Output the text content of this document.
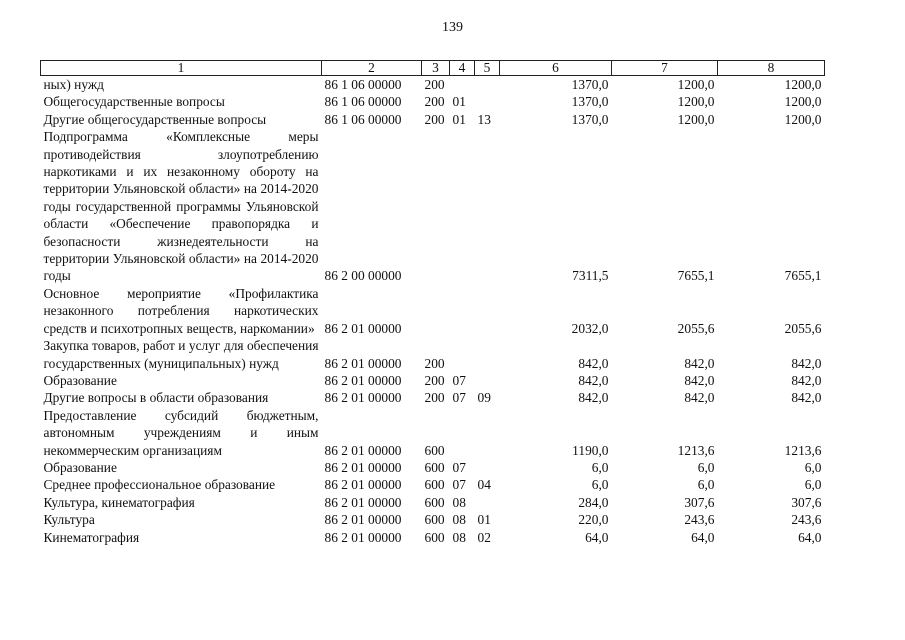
139
1	2	3	4	5	6	7	8
ных) нужд	86 1 06 00000	200			1370,0	1200,0	1200,0
Общегосударственные вопросы	86 1 06 00000	200	01		1370,0	1200,0	1200,0
Другие общегосударственные вопросы	86 1 06 00000	200	01	13	1370,0	1200,0	1200,0
Подпрограмма «Комплексные меры противодействия злоупотреблению наркотиками и их незаконному обороту на территории Ульяновской области» на 2014-2020 годы государственной программы Ульяновской области «Обеспечение правопорядка и безопасности жизнедеятельности на территории Ульяновской области» на 2014-2020 годы	86 2 00 00000				7311,5	7655,1	7655,1
Основное мероприятие «Профилактика незаконного потребления наркотических средств и психотропных веществ, наркомании»	86 2 01 00000				2032,0	2055,6	2055,6
Закупка товаров, работ и услуг для обеспечения государственных (муниципальных) нужд	86 2 01 00000	200			842,0	842,0	842,0
Образование	86 2 01 00000	200	07		842,0	842,0	842,0
Другие вопросы в области образования	86 2 01 00000	200	07	09	842,0	842,0	842,0
Предоставление субсидий бюджетным, автономным учреждениям и иным некоммерческим организациям	86 2 01 00000	600			1190,0	1213,6	1213,6
Образование	86 2 01 00000	600	07		6,0	6,0	6,0
Среднее профессиональное образование	86 2 01 00000	600	07	04	6,0	6,0	6,0
Культура, кинематография	86 2 01 00000	600	08		284,0	307,6	307,6
Культура	86 2 01 00000	600	08	01	220,0	243,6	243,6
Кинематография	86 2 01 00000	600	08	02	64,0	64,0	64,0
